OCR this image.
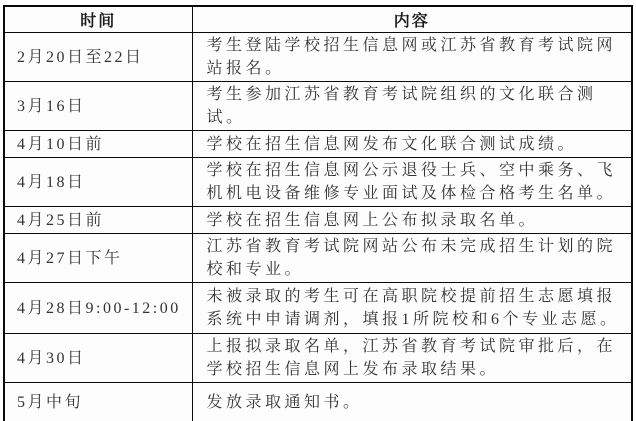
时间	内容
2月20日至22日	考生登陆学校招生信息网或江苏省教育考试院网站报名。
3月16日	考生参加江苏省教育考试院组织的文化联合测试。
4月10日前	学校在招生信息网发布文化联合测试成绩。
4月18日	学校在招生信息网公示退役士兵、空中乘务、飞机机电设备维修专业面试及体检合格考生名单。
4月25日前	学校在招生信息网上公布拟录取名单。
4月27日下午	江苏省教育考试院网站公布未完成招生计划的院校和专业。
4月28日9:00-12:00	未被录取的考生可在高职院校提前招生志愿填报系统中申请调剂，填报1所院校和6个专业志愿。
4月30日	上报拟录取名单，江苏省教育考试院审批后，在学校招生信息网上发布录取结果。
5月中旬	发放录取通知书。
